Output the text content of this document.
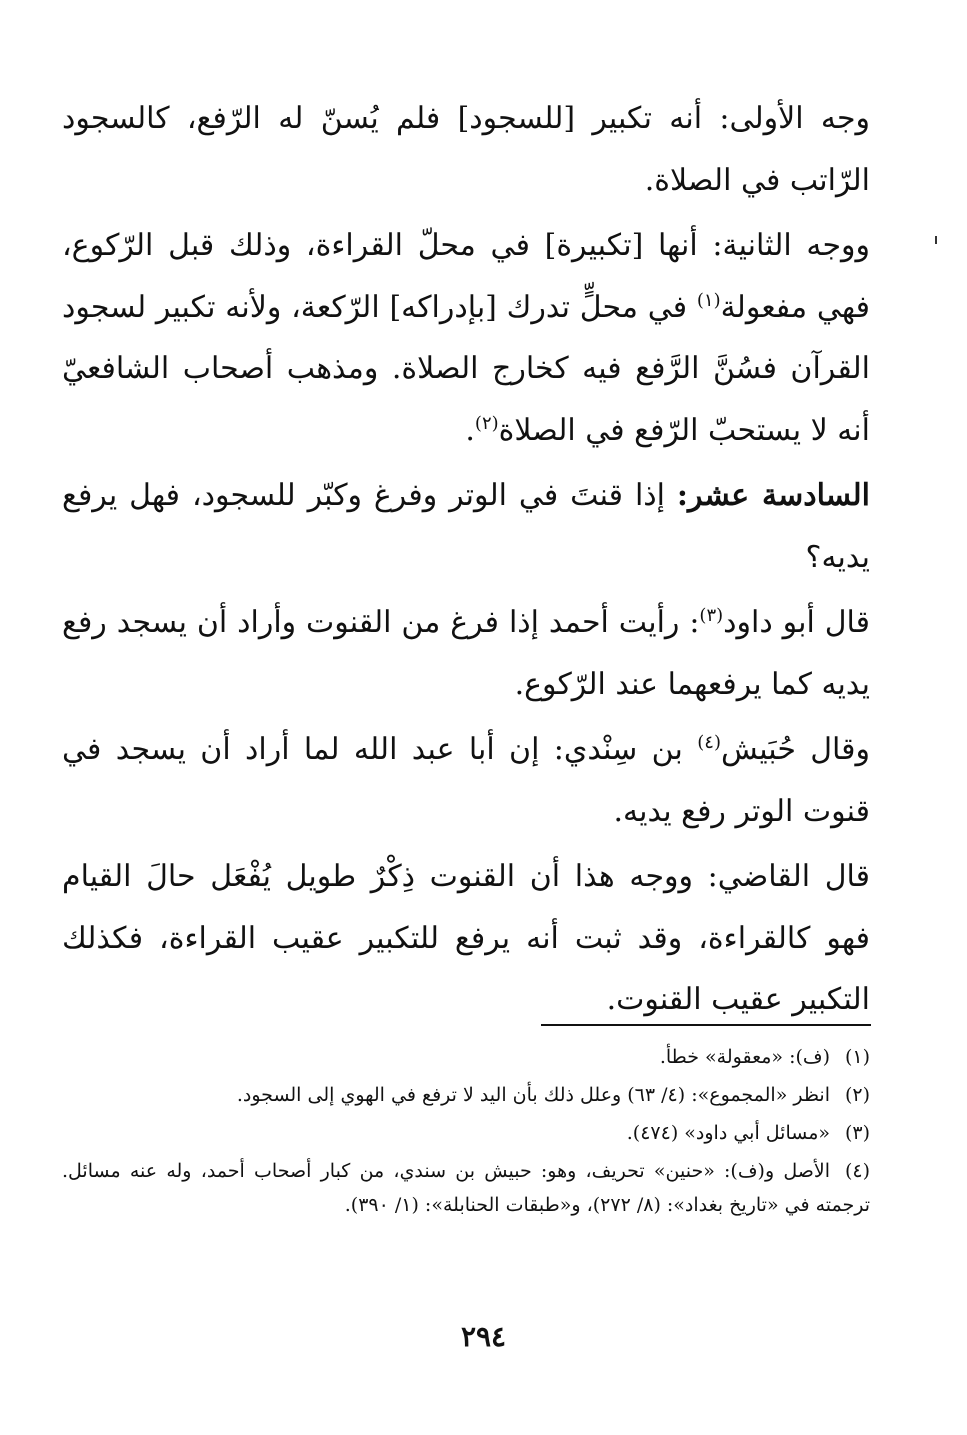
وجه الأولى: أنه تكبير [للسجود] فلم يُسنّ له الرّفع، كالسجود الرّاتب في الصلاة.

ووجه الثانية: أنها [تكبيرة] في محلّ القراءة، وذلك قبل الرّكوع، فهي مفعولة$^{(١)}$ في محلٍّ تدرك [بإدراكه] الرّكعة، ولأنه تكبير لسجود القرآن فسُنَّ الرَّفع فيه كخارج الصلاة. ومذهب أصحاب الشافعيّ أنه لا يستحبّ الرّفع في الصلاة$^{(٢)}$.

السادسة عشر: إذا قنتَ في الوتر وفرغ وكبّر للسجود، فهل يرفع يديه؟

قال أبو داود$^{(٣)}$: رأيت أحمد إذا فرغ من القنوت وأراد أن يسجد رفع يديه كما يرفعهما عند الرّكوع.

وقال حُبَيش$^{(٤)}$ بن سِنْدي: إن أبا عبد الله لما أراد أن يسجد في قنوت الوتر رفع يديه.

قال القاضي: ووجه هذا أن القنوت ذِكْرٌ طويل يُفْعَل حالَ القيام فهو كالقراءة، وقد ثبت أنه يرفع للتكبير عقيب القراءة، فكذلك التكبير عقيب القنوت.

(١)(ف): «معقولة» خطأ.

(٢)انظر «المجموع»: (٤/ ٦٣) وعلل ذلك بأن اليد لا ترفع في الهوي إلى السجود.

(٣)«مسائل أبي داود» (٤٧٤).

(٤)الأصل و(ف): «حنين» تحريف، وهو: حبيش بن سندي، من كبار أصحاب أحمد، وله عنه مسائل. ترجمته في «تاريخ بغداد»: (٨/ ٢٧٢)، و«طبقات الحنابلة»: (١/ ٣٩٠).

٢٩٤
